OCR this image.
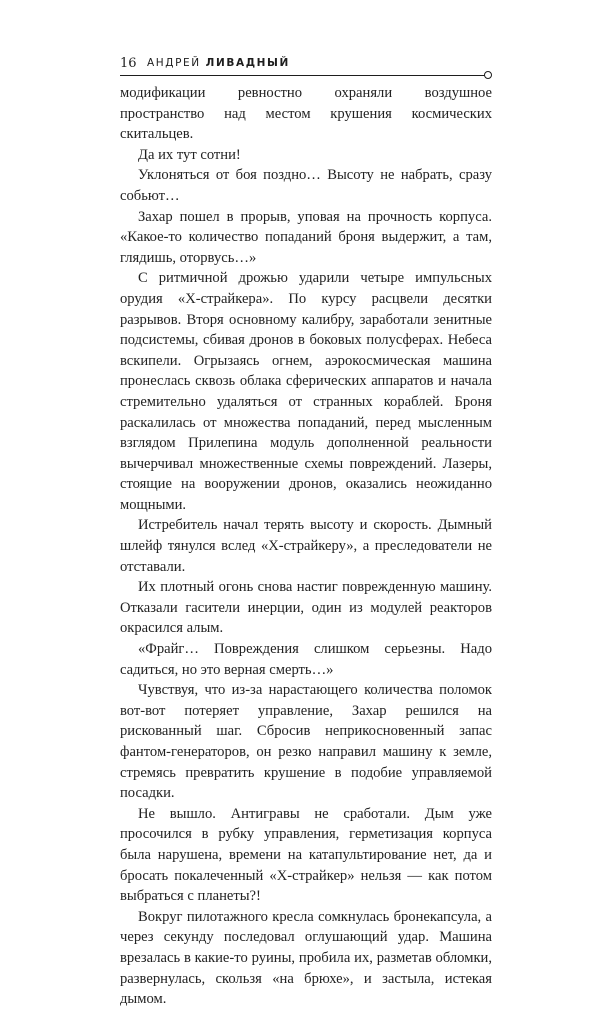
16 АНДРЕЙ ЛИВАДНЫЙ

модификации ревностно охраняли воздушное пространство над местом крушения космических скитальцев.

Да их тут сотни!

Уклоняться от боя поздно… Высоту не набрать, сразу собьют…

Захар пошел в прорыв, уповая на прочность корпуса. «Какое-то количество попаданий броня выдержит, а там, глядишь, оторвусь…»

С ритмичной дрожью ударили четыре импульсных орудия «Х-страйкера». По курсу расцвели десятки разрывов. Вторя основному калибру, заработали зенитные подсистемы, сбивая дронов в боковых полусферах. Небеса вскипели. Огрызаясь огнем, аэрокосмическая машина пронеслась сквозь облака сферических аппаратов и начала стремительно удаляться от странных кораблей. Броня раскалилась от множества попаданий, перед мысленным взглядом Прилепина модуль дополненной реальности вычерчивал множественные схемы повреждений. Лазеры, стоящие на вооружении дронов, оказались неожиданно мощными.

Истребитель начал терять высоту и скорость. Дымный шлейф тянулся вслед «Х-страйкеру», а преследователи не отставали.

Их плотный огонь снова настиг поврежденную машину. Отказали гасители инерции, один из модулей реакторов окрасился алым.

«Фрайг… Повреждения слишком серьезны. Надо садиться, но это верная смерть…»

Чувствуя, что из-за нарастающего количества поломок вот-вот потеряет управление, Захар решился на рискованный шаг. Сбросив неприкосновенный запас фантом-генераторов, он резко направил машину к земле, стремясь превратить крушение в подобие управляемой посадки.

Не вышло. Антигравы не сработали. Дым уже просочился в рубку управления, герметизация корпуса была нарушена, времени на катапультирование нет, да и бросать покалеченный «Х-страйкер» нельзя — как потом выбраться с планеты?!

Вокруг пилотажного кресла сомкнулась бронекапсула, а через секунду последовал оглушающий удар. Машина врезалась в какие-то руины, пробила их, разметав обломки, развернулась, скользя «на брюхе», и застыла, истекая дымом.
